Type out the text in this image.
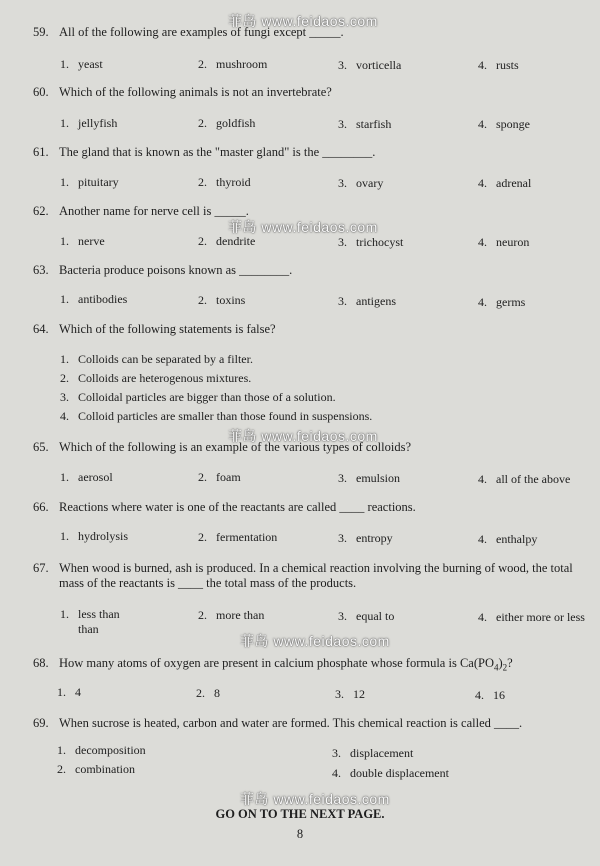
菲岛 www.feidaos.com
菲岛 www.feidaos.com
菲岛 www.feidaos.com
菲岛 www.feidaos.com
菲岛 www.feidaos.com
59. All of the following are examples of fungi except _____.
1. yeast	2. mushroom	3. vorticella	4. rusts
60. Which of the following animals is not an invertebrate?
1. jellyfish	2. goldfish	3. starfish	4. sponge
61. The gland that is known as the "master gland" is the ________.
1. pituitary	2. thyroid	3. ovary	4. adrenal
62. Another name for nerve cell is _____.
1. nerve	2. dendrite	3. trichocyst	4. neuron
63. Bacteria produce poisons known as ________.
1. antibodies	2. toxins	3. antigens	4. germs
64. Which of the following statements is false?
1. Colloids can be separated by a filter.
2. Colloids are heterogenous mixtures.
3. Colloidal particles are bigger than those of a solution.
4. Colloid particles are smaller than those found in suspensions.
65. Which of the following is an example of the various types of colloids?
1. aerosol	2. foam	3. emulsion	4. all of the above
66. Reactions where water is one of the reactants are called ____ reactions.
1. hydrolysis	2. fermentation	3. entropy	4. enthalpy
67. When wood is burned, ash is produced. In a chemical reaction involving the burning of wood, the total
mass of the reactants is ____ the total mass of the products.
1. less than
than
2. more than	3. equal to	4. either more or less
68. How many atoms of oxygen are present in calcium phosphate whose formula is $Ca(PO_4)_2$?
1. 4	2. 8	3. 12	4. 16
69. When sucrose is heated, carbon and water are formed. This chemical reaction is called ____.
1. decomposition
2. combination
3. displacement
4. double displacement
GO ON TO THE NEXT PAGE.
8
